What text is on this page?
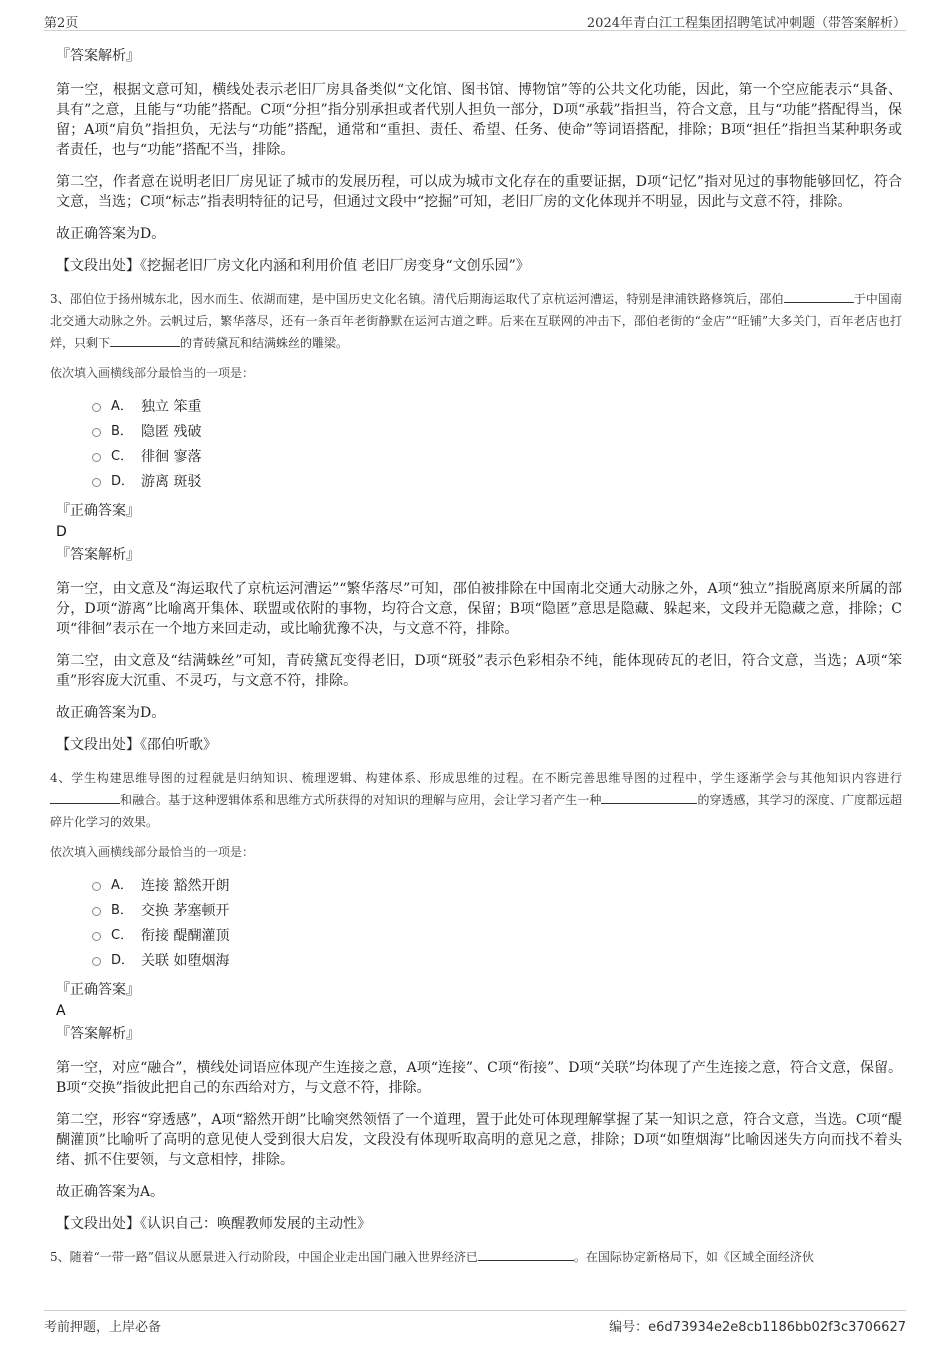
第2页	2024年青白江工程集团招聘笔试冲刺题（带答案解析）
『答案解析』

第一空，根据文意可知，横线处表示老旧厂房具备类似“文化馆、图书馆、博物馆”等的公共文化功能，因此，第一个空应能表示“具备、具有”之意，且能与“功能”搭配。C项“分担”指分别承担或者代别人担负一部分，D项“承载”指担当，符合文意，且与“功能”搭配得当，保留；A项“肩负”指担负，无法与“功能”搭配，通常和“重担、责任、希望、任务、使命”等词语搭配，排除；B项“担任”指担当某种职务或者责任，也与“功能”搭配不当，排除。

第二空，作者意在说明老旧厂房见证了城市的发展历程，可以成为城市文化存在的重要证据，D项“记忆”指对见过的事物能够回忆，符合文意，当选；C项“标志”指表明特征的记号，但通过文段中“挖掘”可知，老旧厂房的文化体现并不明显，因此与文意不符，排除。

故正确答案为D。

【文段出处】《挖掘老旧厂房文化内涵和利用价值 老旧厂房变身“文创乐园”》

3、邵伯位于扬州城东北，因水而生、依湖而建，是中国历史文化名镇。清代后期海运取代了京杭运河漕运，特别是津浦铁路修筑后，邵伯	于中国南北交通大动脉之外。云帆过后，繁华落尽，还有一条百年老街静默在运河古道之畔。后来在互联网的冲击下，邵伯老街的“金店”“旺铺”大多关门，百年老店也打烊，只剩下	的青砖黛瓦和结满蛛丝的雕梁。

依次填入画横线部分最恰当的一项是：
A． 独立 笨重
B． 隐匿 残破
C． 徘徊 寥落
D． 游离 斑驳
『正确答案』
D
『答案解析』

第一空，由文意及“海运取代了京杭运河漕运”“繁华落尽”可知，邵伯被排除在中国南北交通大动脉之外，A项“独立”指脱离原来所属的部分，D项“游离”比喻离开集体、联盟或依附的事物，均符合文意，保留；B项“隐匿”意思是隐藏、躲起来，文段并无隐藏之意，排除；C项“徘徊”表示在一个地方来回走动，或比喻犹豫不决，与文意不符，排除。

第二空，由文意及“结满蛛丝”可知，青砖黛瓦变得老旧，D项“斑驳”表示色彩相杂不纯，能体现砖瓦的老旧，符合文意，当选；A项“笨重”形容庞大沉重、不灵巧，与文意不符，排除。

故正确答案为D。

【文段出处】《邵伯听歌》

4、学生构建思维导图的过程就是归纳知识、梳理逻辑、构建体系、形成思维的过程。在不断完善思维导图的过程中，学生逐渐学会与其他知识内容进行和融合。基于这种逻辑体系和思维方式所获得的对知识的理解与应用，会让学习者产生一种	的穿透感，其学习的深度、广度都远超碎片化学习的效果。

依次填入画横线部分最恰当的一项是：
A． 连接 豁然开朗
B． 交换 茅塞顿开
C． 衔接 醍醐灌顶
D． 关联 如堕烟海
『正确答案』
A
『答案解析』

第一空，对应“融合”，横线处词语应体现产生连接之意，A项“连接”、C项“衔接”、D项“关联”均体现了产生连接之意，符合文意，保留。B项“交换”指彼此把自己的东西给对方，与文意不符，排除。

第二空，形容“穿透感”，A项“豁然开朗”比喻突然领悟了一个道理，置于此处可体现理解掌握了某一知识之意，符合文意，当选。C项“醍醐灌顶”比喻听了高明的意见使人受到很大启发，文段没有体现听取高明的意见之意，排除；D项“如堕烟海”比喻因迷失方向而找不着头绪、抓不住要领，与文意相悖，排除。

故正确答案为A。

【文段出处】《认识自己：唤醒教师发展的主动性》

5、随着“一带一路”倡议从愿景进入行动阶段，中国企业走出国门融入世界经济已	。在国际协定新格局下，如《区域全面经济伙

考前押题，上岸必备	编号：e6d73934e2e8cb1186bb02f3c3706627
